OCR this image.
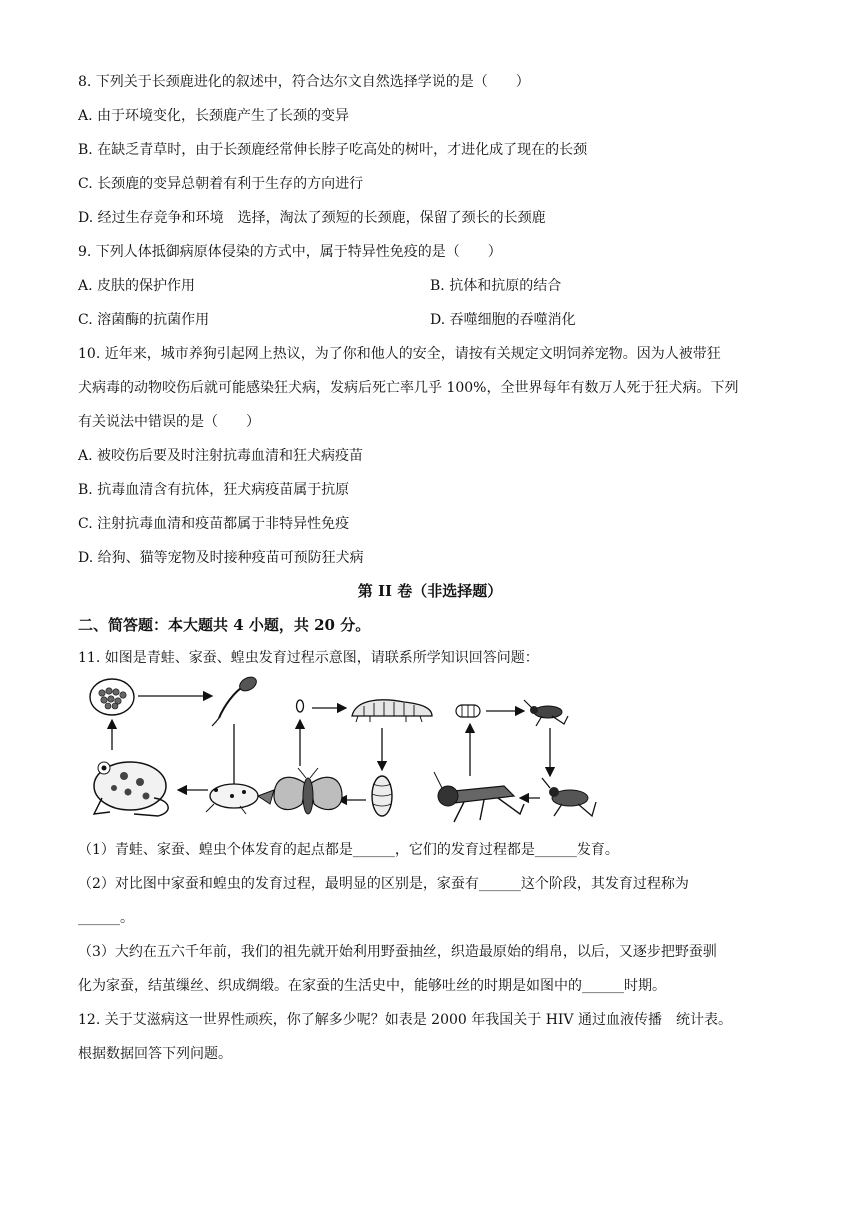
8. 下列关于长颈鹿进化的叙述中，符合达尔文自然选择学说的是（　　）
A. 由于环境变化，长颈鹿产生了长颈的变异
B. 在缺乏青草时，由于长颈鹿经常伸长脖子吃高处的树叶，才进化成了现在的长颈
C. 长颈鹿的变异总朝着有利于生存的方向进行
D. 经过生存竞争和环境　选择，淘汰了颈短的长颈鹿，保留了颈长的长颈鹿
9. 下列人体抵御病原体侵染的方式中，属于特异性免疫的是（　　）
A. 皮肤的保护作用	B. 抗体和抗原的结合
C. 溶菌酶的抗菌作用	D. 吞噬细胞的吞噬消化
10. 近年来，城市养狗引起网上热议，为了你和他人的安全，请按有关规定文明饲养宠物。因为人被带狂
犬病毒的动物咬伤后就可能感染狂犬病，发病后死亡率几乎 100%，全世界每年有数万人死于狂犬病。下列
有关说法中错误的是（　　）
A. 被咬伤后要及时注射抗毒血清和狂犬病疫苗
B. 抗毒血清含有抗体，狂犬病疫苗属于抗原
C. 注射抗毒血清和疫苗都属于非特异性免疫
D. 给狗、猫等宠物及时接种疫苗可预防狂犬病
第 II 卷（非选择题）
二、简答题：本大题共 4 小题，共 20 分。
11. 如图是青蛙、家蚕、蝗虫发育过程示意图，请联系所学知识回答问题：
（1）青蛙、家蚕、蝗虫个体发育的起点都是______，它们的发育过程都是______发育。
（2）对比图中家蚕和蝗虫的发育过程，最明显的区别是，家蚕有______这个阶段，其发育过程称为
______。
（3）大约在五六千年前，我们的祖先就开始利用野蚕抽丝，织造最原始的绢帛，以后，又逐步把野蚕驯
化为家蚕，结茧缫丝、织成绸缎。在家蚕的生活史中，能够吐丝的时期是如图中的______时期。
12. 关于艾滋病这一世界性顽疾，你了解多少呢？如表是 2000 年我国关于 HIV 通过血液传播　统计表。
根据数据回答下列问题。
